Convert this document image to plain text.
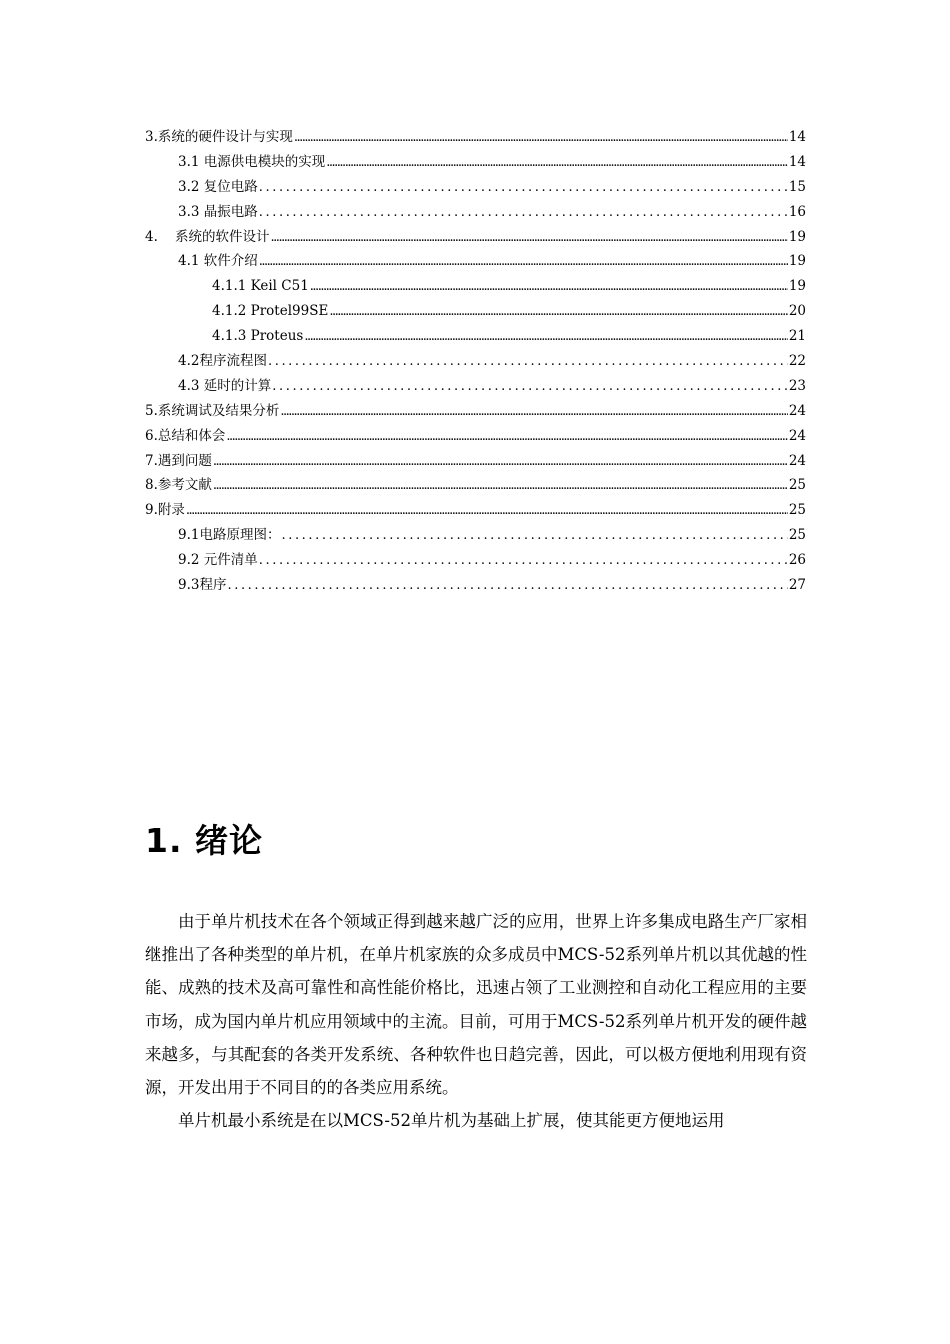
3.系统的硬件设计与实现 .....	14
3.1 电源供电模块的实现 .....	14
3.2 复位电路 .....	15
3.3 晶振电路 .....	16
4.    系统的软件设计 .....	19
4.1 软件介绍 .....	19
4.1.1 Keil C51 .....	19
4.1.2 Protel99SE .....	20
4.1.3 Proteus .....	21
4.2程序流程图 .....	22
4.3 延时的计算 .....	23
5.系统调试及结果分析 .....	24
6.总结和体会 .....	24
7.遇到问题 .....	24
8.参考文献 .....	25
9.附录 .....	25
9.1电路原理图： .....	25
9.2 元件清单 .....	26
9.3程序 .....	27
1. 绪论

由于单片机技术在各个领域正得到越来越广泛的应用，世界上许多集成电路生产厂家相继推出了各种类型的单片机，在单片机家族的众多成员中MCS-52系列单片机以其优越的性能、成熟的技术及高可靠性和高性能价格比，迅速占领了工业测控和自动化工程应用的主要市场，成为国内单片机应用领域中的主流。目前，可用于MCS-52系列单片机开发的硬件越来越多，与其配套的各类开发系统、各种软件也日趋完善，因此，可以极方便地利用现有资源，开发出用于不同目的的各类应用系统。

单片机最小系统是在以MCS-52单片机为基础上扩展，使其能更方便地运用
